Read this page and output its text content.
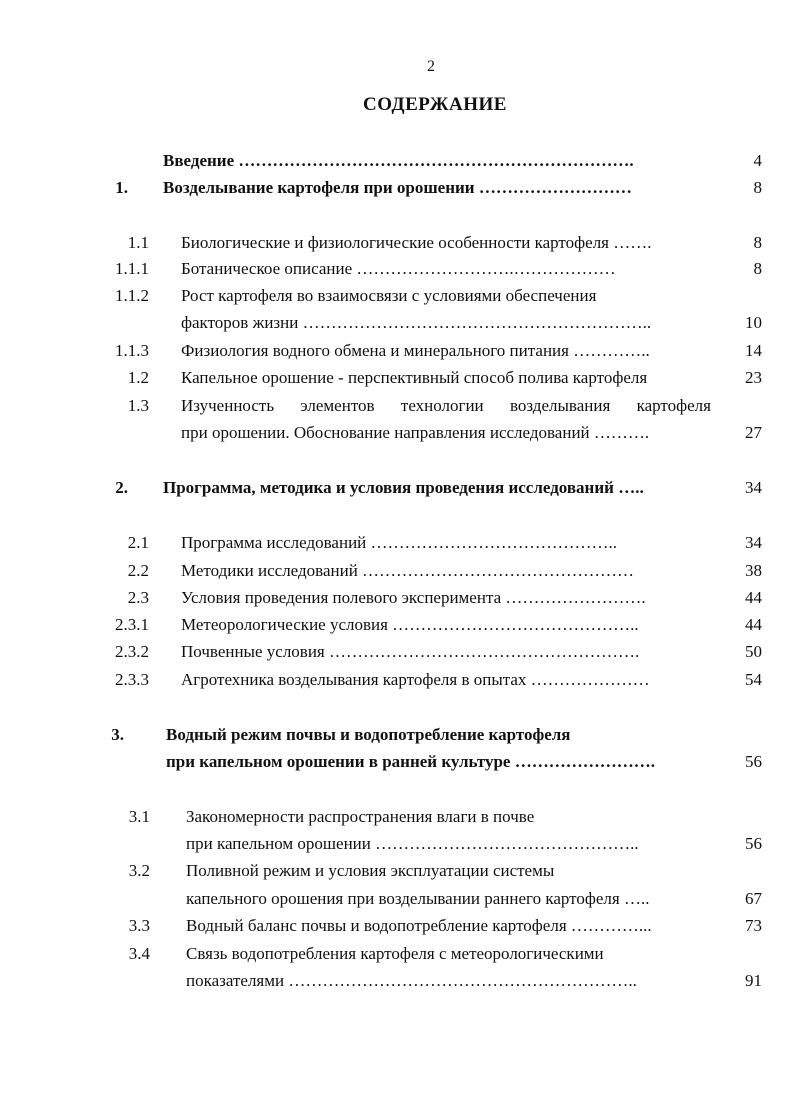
2
СОДЕРЖАНИЕ
Введение …………………………………………………………….	4
1. Возделывание картофеля при орошении ………………………	8
1.1 Биологические и физиологические особенности картофеля …….	8
1.1.1 Ботаническое описание ……………………….………………	8
1.1.2 Рост картофеля во взаимосвязи с условиями обеспечения
факторов жизни ……………………………………………………..	10
1.1.3 Физиология водного обмена и минерального питания …………..	14
1.2 Капельное орошение - перспективный способ полива картофеля	23
1.3 Изученность элементов технологии возделывания картофеля
при орошении. Обоснование направления исследований ……….	27
2. Программа, методика и условия проведения исследований …..	34
2.1 Программа исследований ……………………………………..	34
2.2 Методики исследований …………………………………………	38
2.3 Условия проведения полевого эксперимента …………………….	44
2.3.1 Метеорологические условия ……………………………………..	44
2.3.2 Почвенные условия ……………………………………………….	50
2.3.3 Агротехника возделывания картофеля в опытах …………………	54
3. Водный режим почвы и водопотребление картофеля
при капельном орошении в ранней культуре …………………….	56
3.1 Закономерности распространения влаги в почве
при капельном орошении ………………………………………..	56
3.2 Поливной режим и условия эксплуатации системы
капельного орошения при возделывании раннего картофеля …..	67
3.3 Водный баланс почвы и водопотребление картофеля …………...	73
3.4 Связь водопотребления картофеля с метеорологическими
показателями ……………………………………………………..	91
